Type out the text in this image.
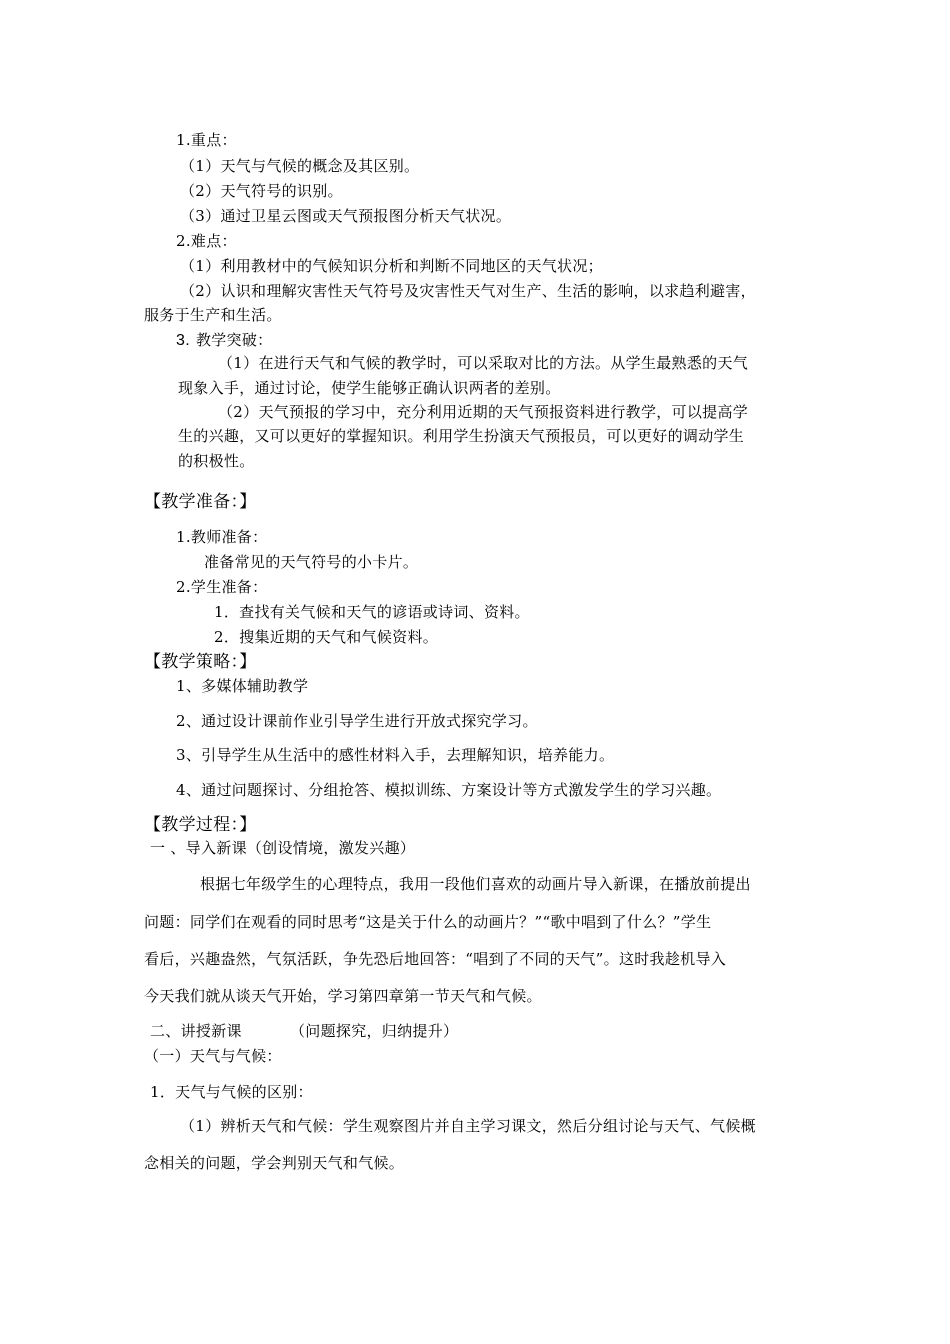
1.重点：
（1）天气与气候的概念及其区别。
（2）天气符号的识别。
（3）通过卫星云图或天气预报图分析天气状况。
2.难点：
（1）利用教材中的气候知识分析和判断不同地区的天气状况；
（2）认识和理解灾害性天气符号及灾害性天气对生产、生活的影响，以求趋利避害，
服务于生产和生活。
3. 教学突破：
（1）在进行天气和气候的教学时，可以采取对比的方法。从学生最熟悉的天气
现象入手，通过讨论，使学生能够正确认识两者的差别。
（2）天气预报的学习中，充分利用近期的天气预报资料进行教学，可以提高学
生的兴趣，又可以更好的掌握知识。利用学生扮演天气预报员，可以更好的调动学生
的积极性。
【教学准备：】
1.教师准备：
准备常见的天气符号的小卡片。
2.学生准备：
1．查找有关气候和天气的谚语或诗词、资料。
2．搜集近期的天气和气候资料。
【教学策略：】
1、多媒体辅助教学
2、通过设计课前作业引导学生进行开放式探究学习。
3、引导学生从生活中的感性材料入手，去理解知识，培养能力。
4、通过问题探讨、分组抢答、模拟训练、方案设计等方式激发学生的学习兴趣。
【教学过程：】
一 、导入新课（创设情境，激发兴趣）
根据七年级学生的心理特点，我用一段他们喜欢的动画片导入新课，在播放前提出
问题：同学们在观看的同时思考“这是关于什么的动画片？”“歌中唱到了什么？”学生
看后，兴趣盎然，气氛活跃，争先恐后地回答：“唱到了不同的天气”。这时我趁机导入
今天我们就从谈天气开始，学习第四章第一节天气和气候。
二、讲授新课	（问题探究，归纳提升）
（一）天气与气候：
1．天气与气候的区别：
（1）辨析天气和气候：学生观察图片并自主学习课文，然后分组讨论与天气、气候概
念相关的问题，学会判别天气和气候。
